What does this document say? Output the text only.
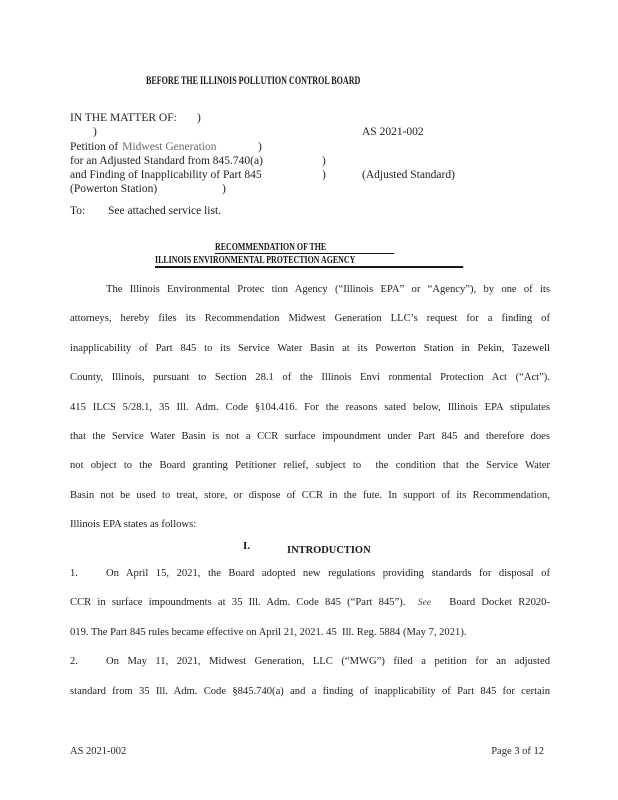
BEFORE THE ILLINOIS POLLUTION CONTROL BOARD
IN THE MATTER OF: )
)	AS 2021-002
Petition of Midwest Generation	)
for an Adjusted Standard from 845.740(a)	)
and Finding of Inapplicability of Part 845	)	(Adjusted Standard)
(Powerton Station)	)
To: See attached service list.
RECOMMENDATION OF THE
ILLINOIS ENVIRONMENTAL PROTECTION AGENCY
The Illinois Environmental Protec tion Agency (“Illinois EPA” or “Agency”), by one of its
attorneys, hereby files its Recommendation Midwest Generation LLC’s request for a finding of
inapplicability of Part 845 to its Service Water Basin at its Powerton Station in Pekin, Tazewell
County, Illinois, pursuant to Section 28.1 of the Illinois Envi ronmental Protection Act (“Act”).
415 ILCS 5/28.1, 35 Ill. Adm. Code §104.416. For the reasons sated below, Illinois EPA stipulates
that the Service Water Basin is not a CCR surface impoundment under Part 845 and therefore does
not object to the Board granting Petitioner relief, subject to  the condition that the Service Water
Basin not be used to treat, store, or dispose of CCR in the fute. In support of its Recommendation,
Illinois EPA states as follows:
I.	INTRODUCTION
1.	On April 15, 2021, the Board adopted new regulations providing standards for disposal of
CCR in surface impoundments at 35 Ill. Adm. Code 845 (“Part 845”). See Board Docket R2020-
019. The Part 845 rules became effective on April 21, 2021. 45  Ill. Reg. 5884 (May 7, 2021).
2.	On May 11, 2021, Midwest Generation, LLC (“MWG”) filed a petition for an adjusted
standard from 35 Ill. Adm. Code §845.740(a) and a finding of inapplicability of Part 845 for certain
AS 2021-002	Page 3 of 12
